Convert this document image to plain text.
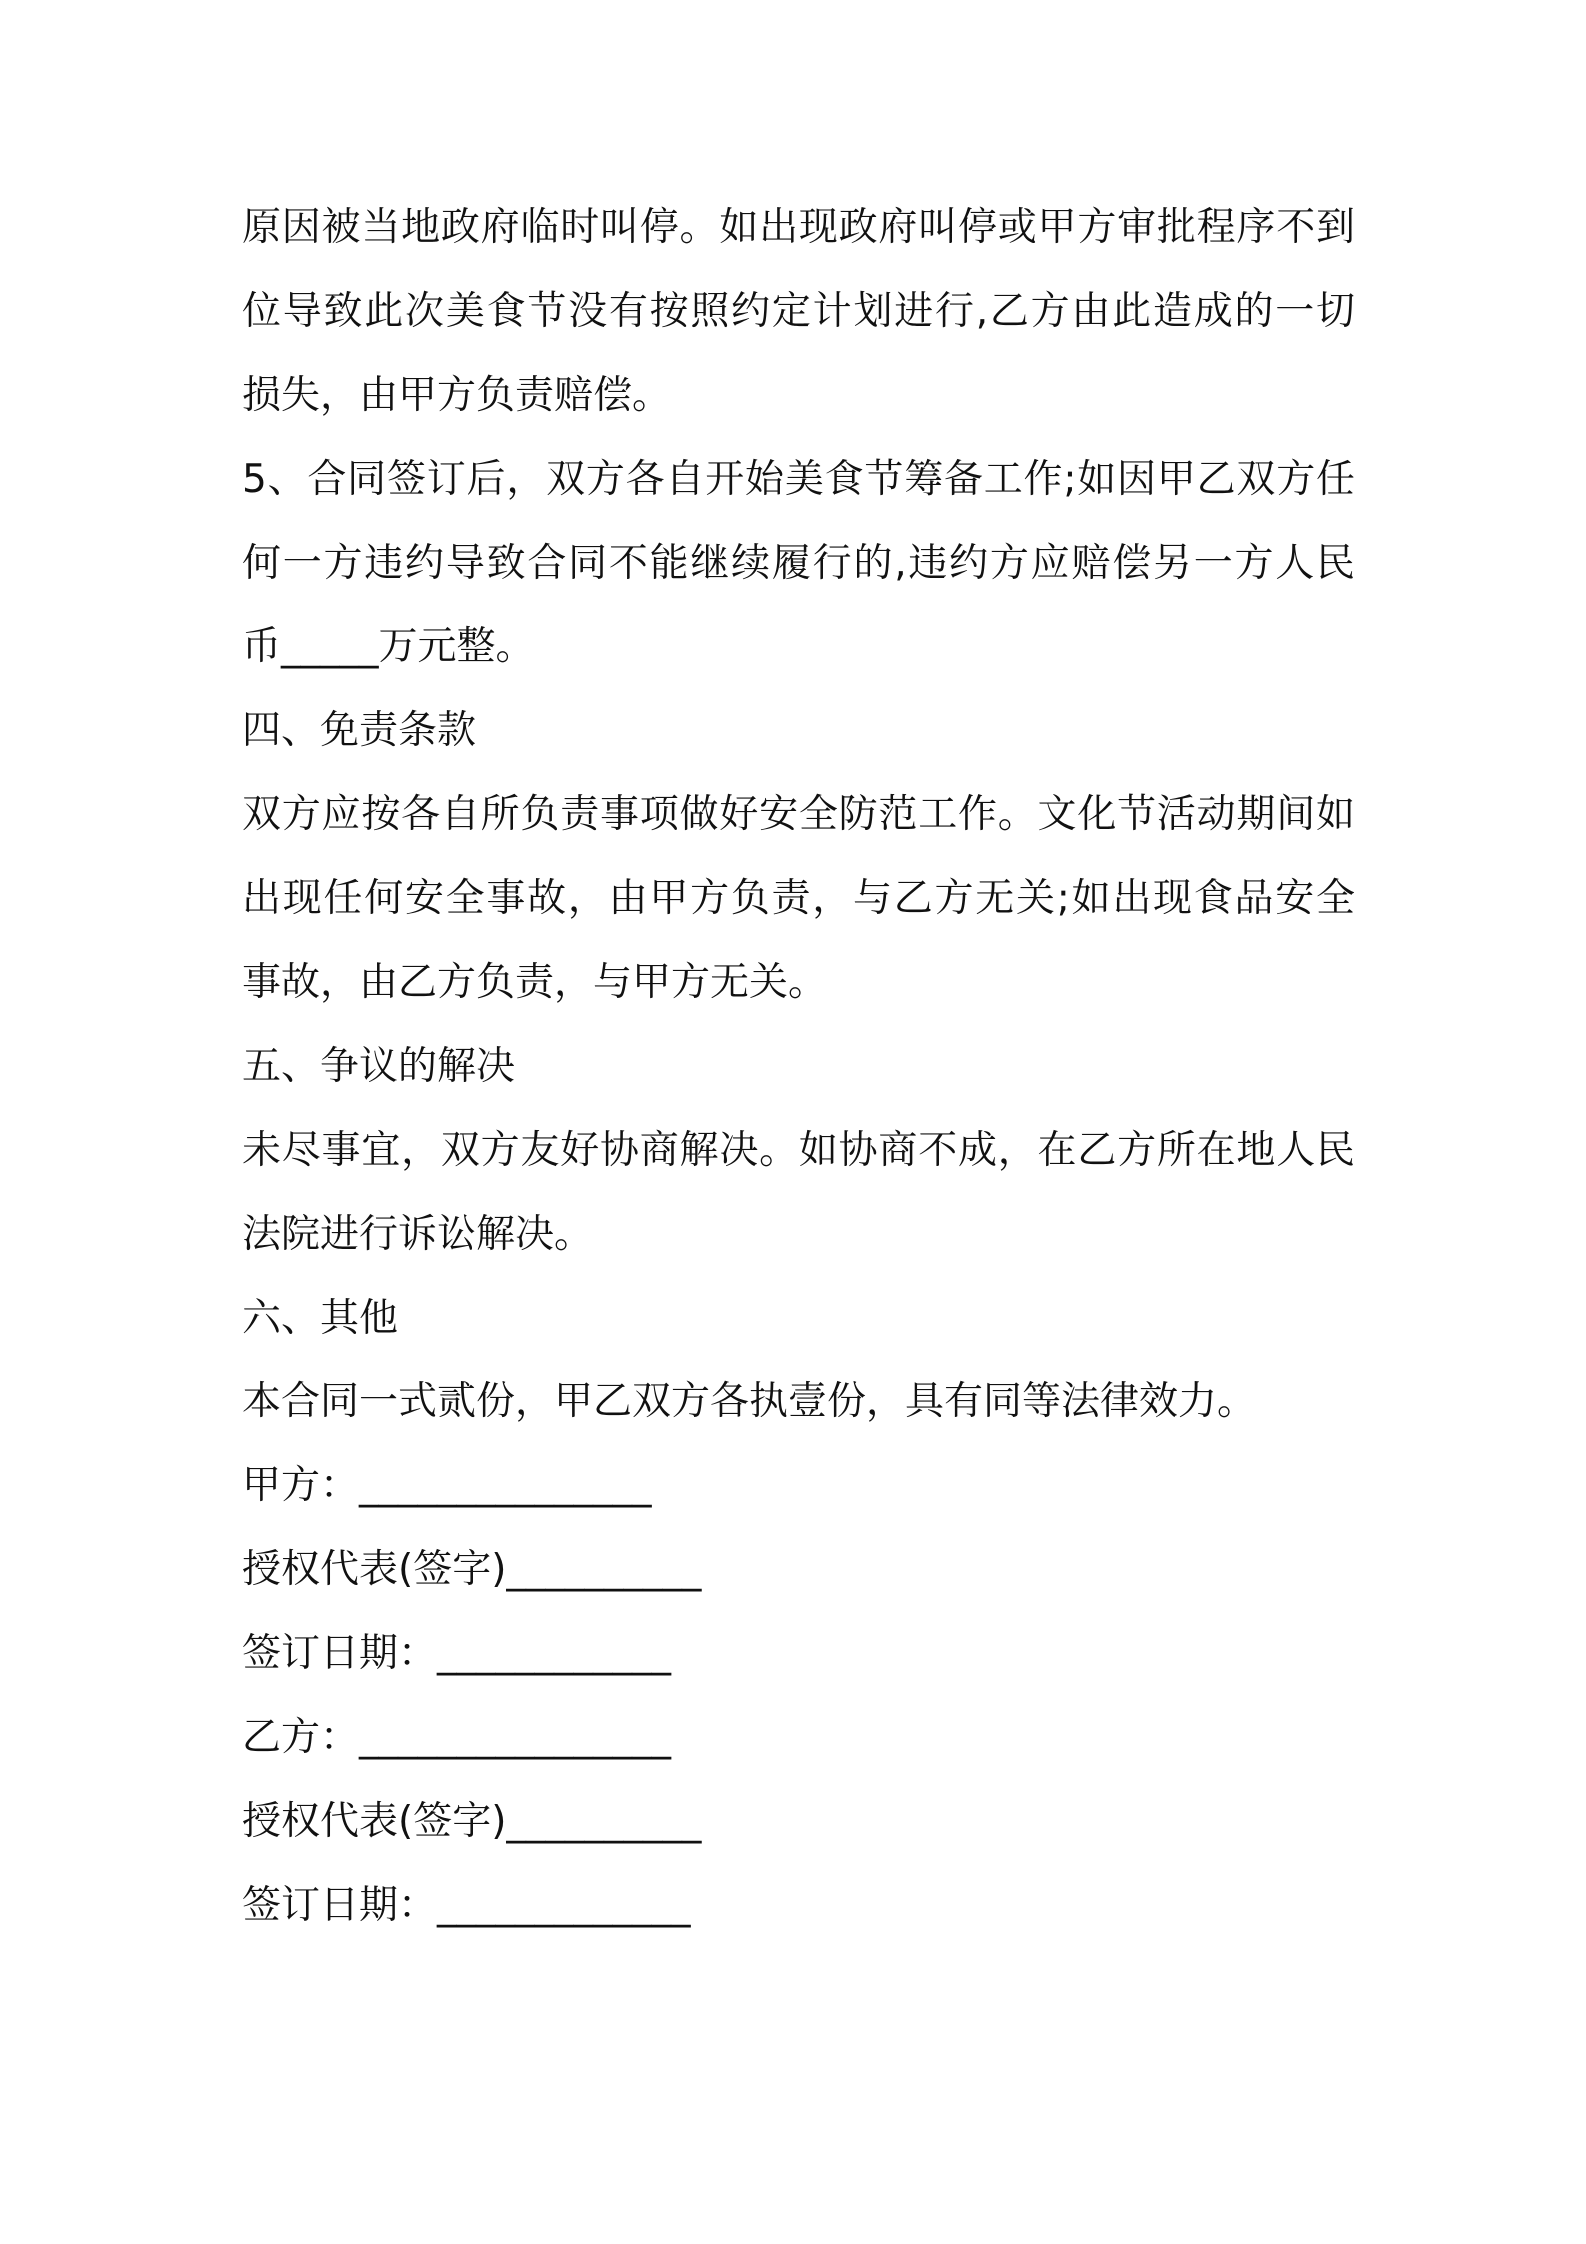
原因被当地政府临时叫停。如出现政府叫停或甲方审批程序不到
位导致此次美食节没有按照约定计划进行,乙方由此造成的一切
损失，由甲方负责赔偿。
5、合同签订后，双方各自开始美食节筹备工作;如因甲乙双方任
何一方违约导致合同不能继续履行的,违约方应赔偿另一方人民
币_____万元整。
四、免责条款
双方应按各自所负责事项做好安全防范工作。文化节活动期间如
出现任何安全事故，由甲方负责，与乙方无关;如出现食品安全
事故，由乙方负责，与甲方无关。
五、争议的解决
未尽事宜，双方友好协商解决。如协商不成，在乙方所在地人民
法院进行诉讼解决。
六、其他
本合同一式贰份，甲乙双方各执壹份，具有同等法律效力。
甲方：_______________
授权代表(签字)__________
签订日期：____________
乙方：________________
授权代表(签字)__________
签订日期：_____________
